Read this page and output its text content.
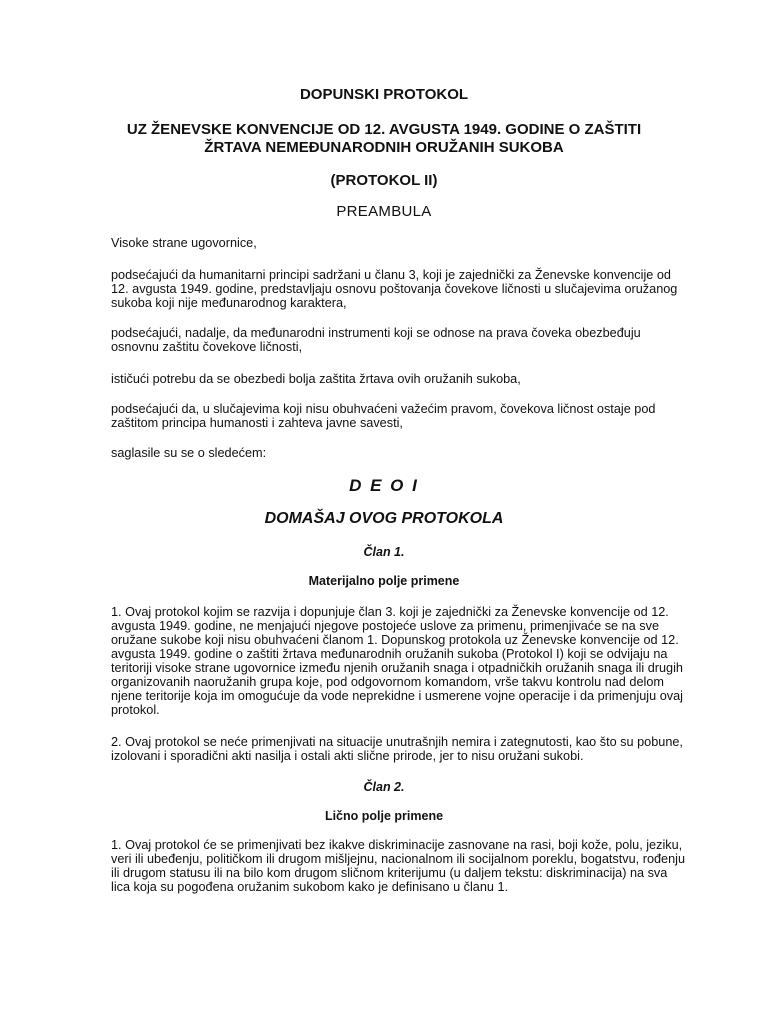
DOPUNSKI PROTOKOL
UZ ŽENEVSKE KONVENCIJE OD 12. AVGUSTA 1949. GODINE O ZAŠTITI
ŽRTAVA NEMEĐUNARODNIH ORUŽANIH SUKOBA
(PROTOKOL II)
PREAMBULA
Visoke strane ugovornice,
podsećajući da humanitarni principi sadržani u članu 3, koji je zajednički za Ženevske konvencije od
12. avgusta 1949. godine, predstavljaju osnovu poštovanja čovekove ličnosti u slučajevima oružanog
sukoba koji nije međunarodnog karaktera,
podsećajući, nadalje, da međunarodni instrumenti koji se odnose na prava čoveka obezbeđuju
osnovnu zaštitu čovekove ličnosti,
ističući potrebu da se obezbedi bolja zaštita žrtava ovih oružanih sukoba,
podsećajući da, u slučajevima koji nisu obuhvaćeni važećim pravom, čovekova ličnost ostaje pod
zaštitom principa humanosti i zahteva javne savesti,
saglasile su se o sledećem:
D E O I
DOMAŠAJ OVOG PROTOKOLA
Član 1.
Materijalno polje primene
1. Ovaj protokol kojim se razvija i dopunjuje član 3. koji je zajednički za Ženevske konvencije od 12.
avgusta 1949. godine, ne menjajući njegove postojeće uslove za primenu, primenjivaće se na sve
oružane sukobe koji nisu obuhvaćeni članom 1. Dopunskog protokola uz Ženevske konvencije od 12.
avgusta 1949. godine o zaštiti žrtava međunarodnih oružanih sukoba (Protokol I) koji se odvijaju na
teritoriji visoke strane ugovornice između njenih oružanih snaga i otpadničkih oružanih snaga ili drugih
organizovanih naoružanih grupa koje, pod odgovornom komandom, vrše takvu kontrolu nad delom
njene teritorije koja im omogućuje da vode neprekidne i usmerene vojne operacije i da primenjuju ovaj
protokol.
2. Ovaj protokol se neće primenjivati na situacije unutrašnjih nemira i zategnutosti, kao što su pobune,
izolovani i sporadični akti nasilja i ostali akti slične prirode, jer to nisu oružani sukobi.
Član 2.
Lično polje primene
1. Ovaj protokol će se primenjivati bez ikakve diskriminacije zasnovane na rasi, boji kože, polu, jeziku,
veri ili ubeđenju, političkom ili drugom mišljejnu, nacionalnom ili socijalnom poreklu, bogatstvu, rođenju
ili drugom statusu ili na bilo kom drugom sličnom kriterijumu (u daljem tekstu: diskriminacija) na sva
lica koja su pogođena oružanim sukobom kako je definisano u članu 1.
